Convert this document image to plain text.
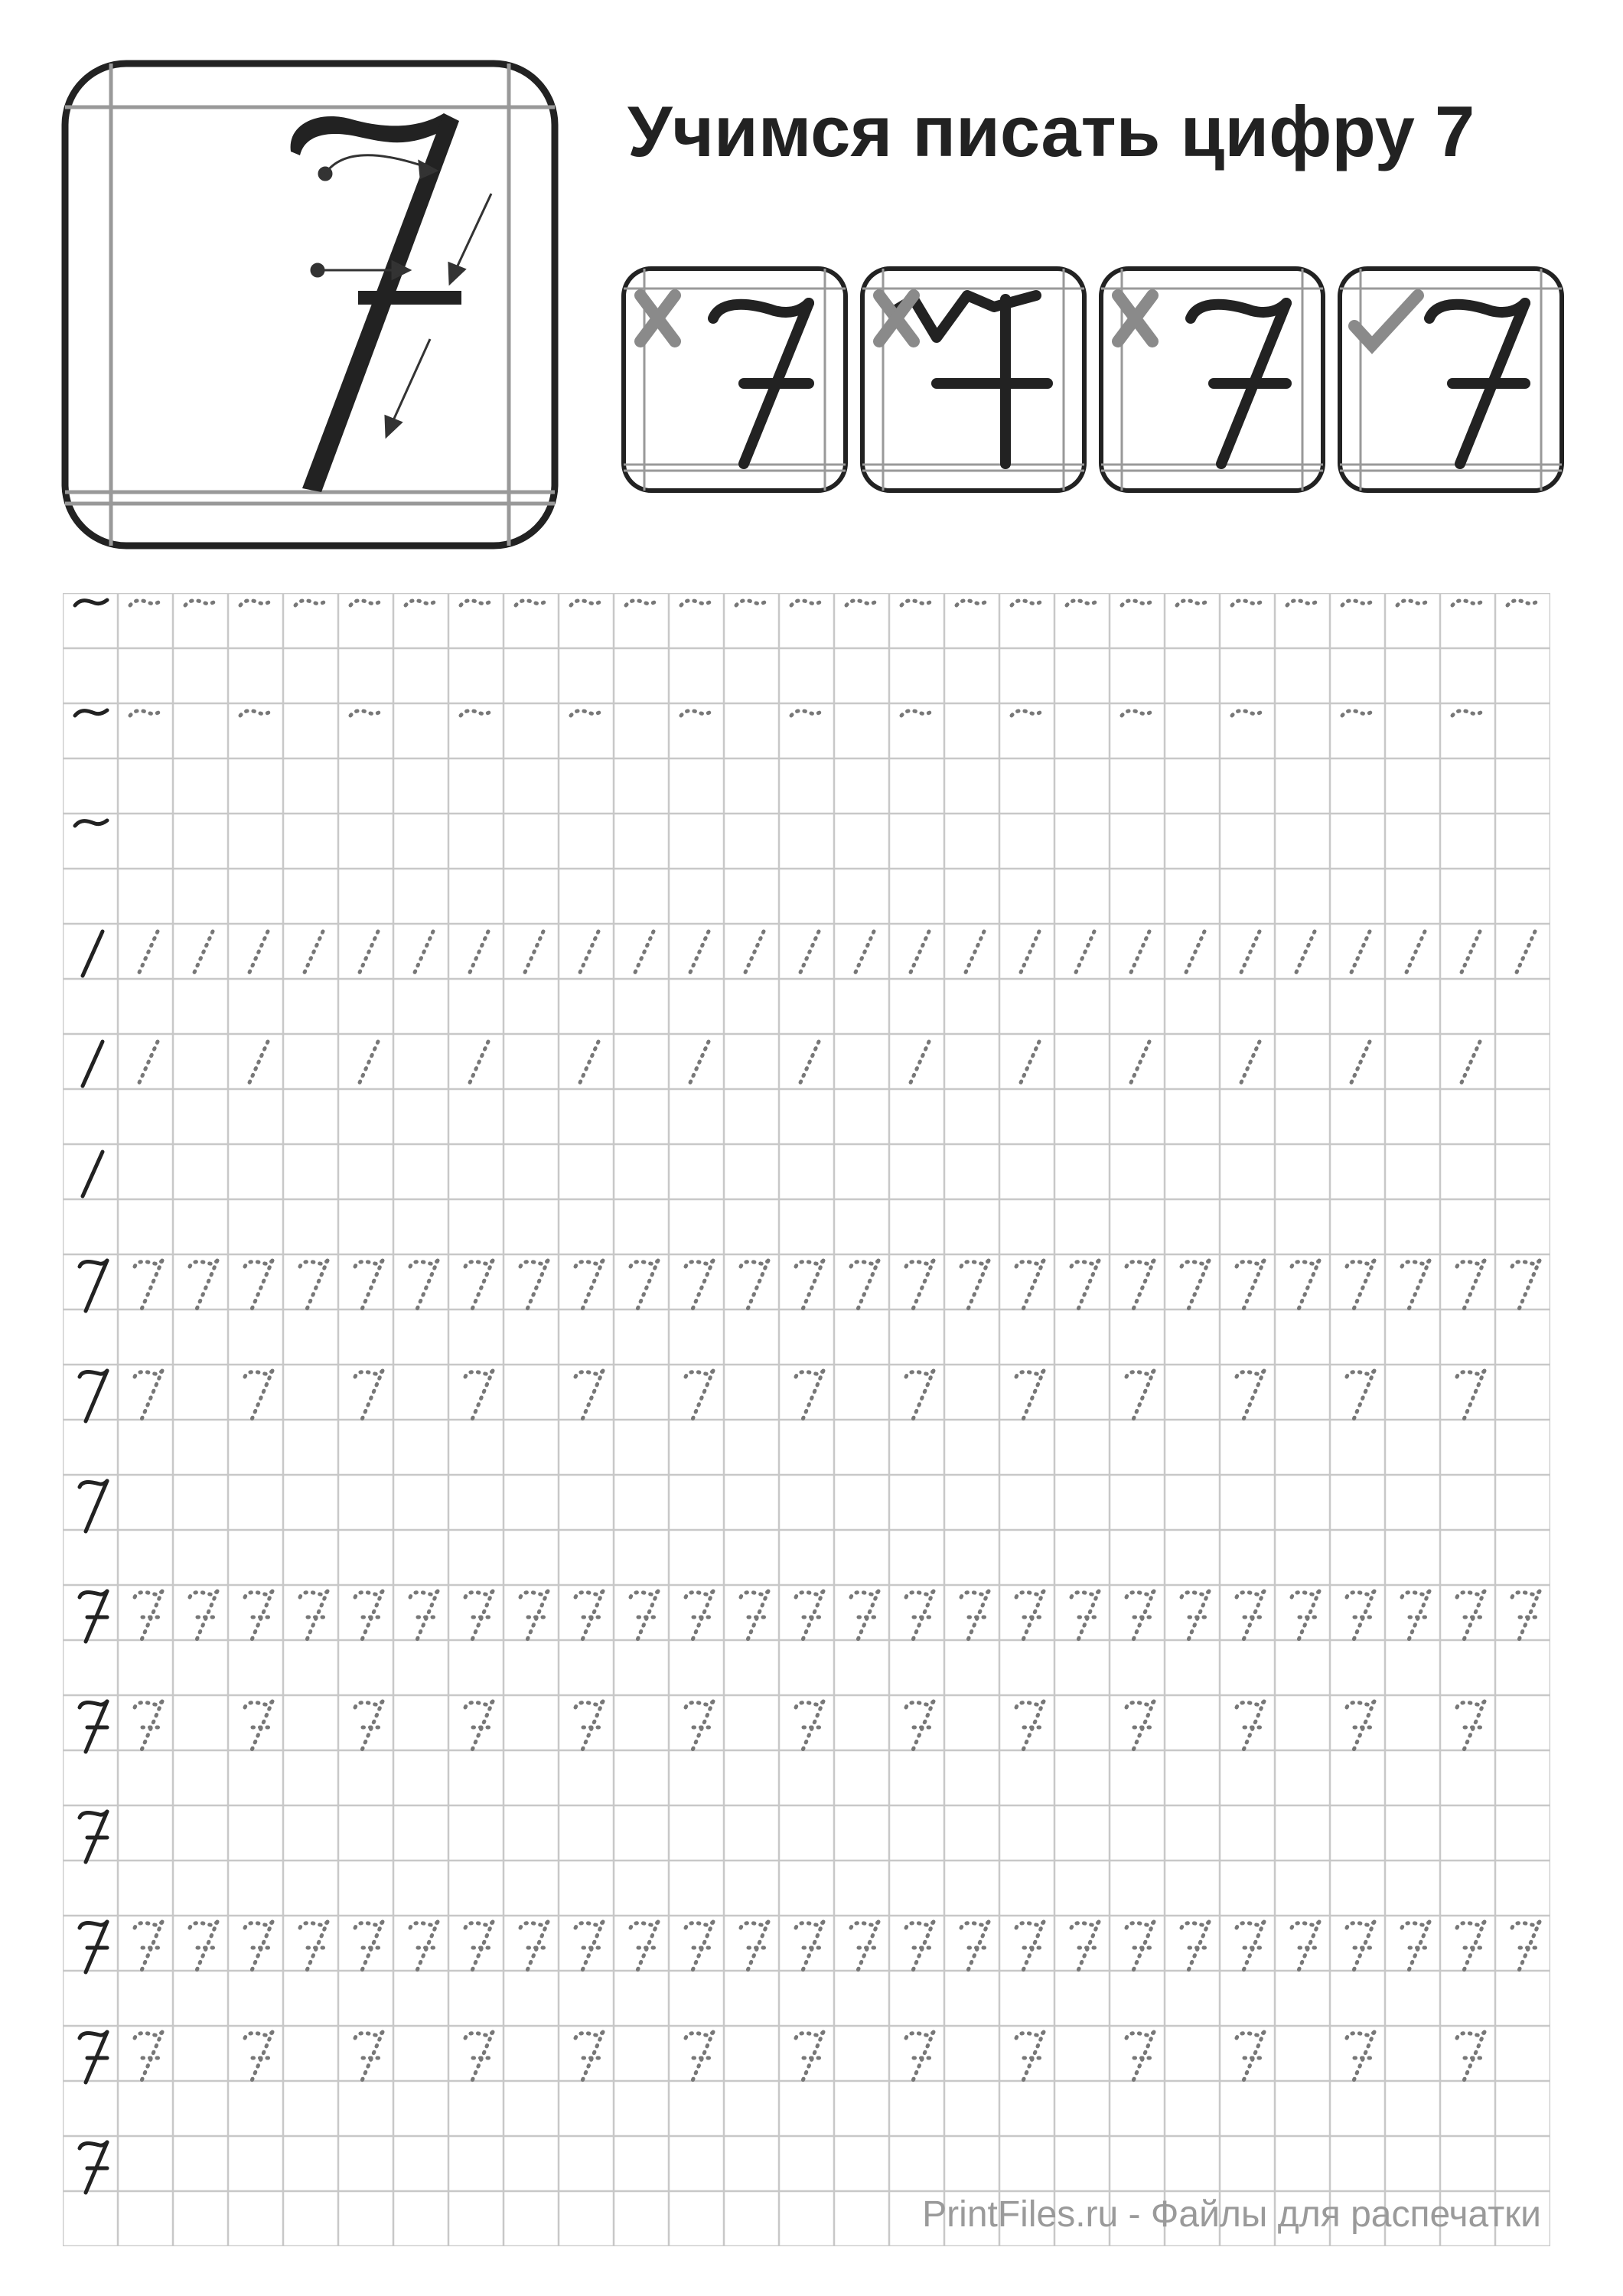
Учимся писать цифру 7
PrintFiles.ru - Файлы для распечатки
